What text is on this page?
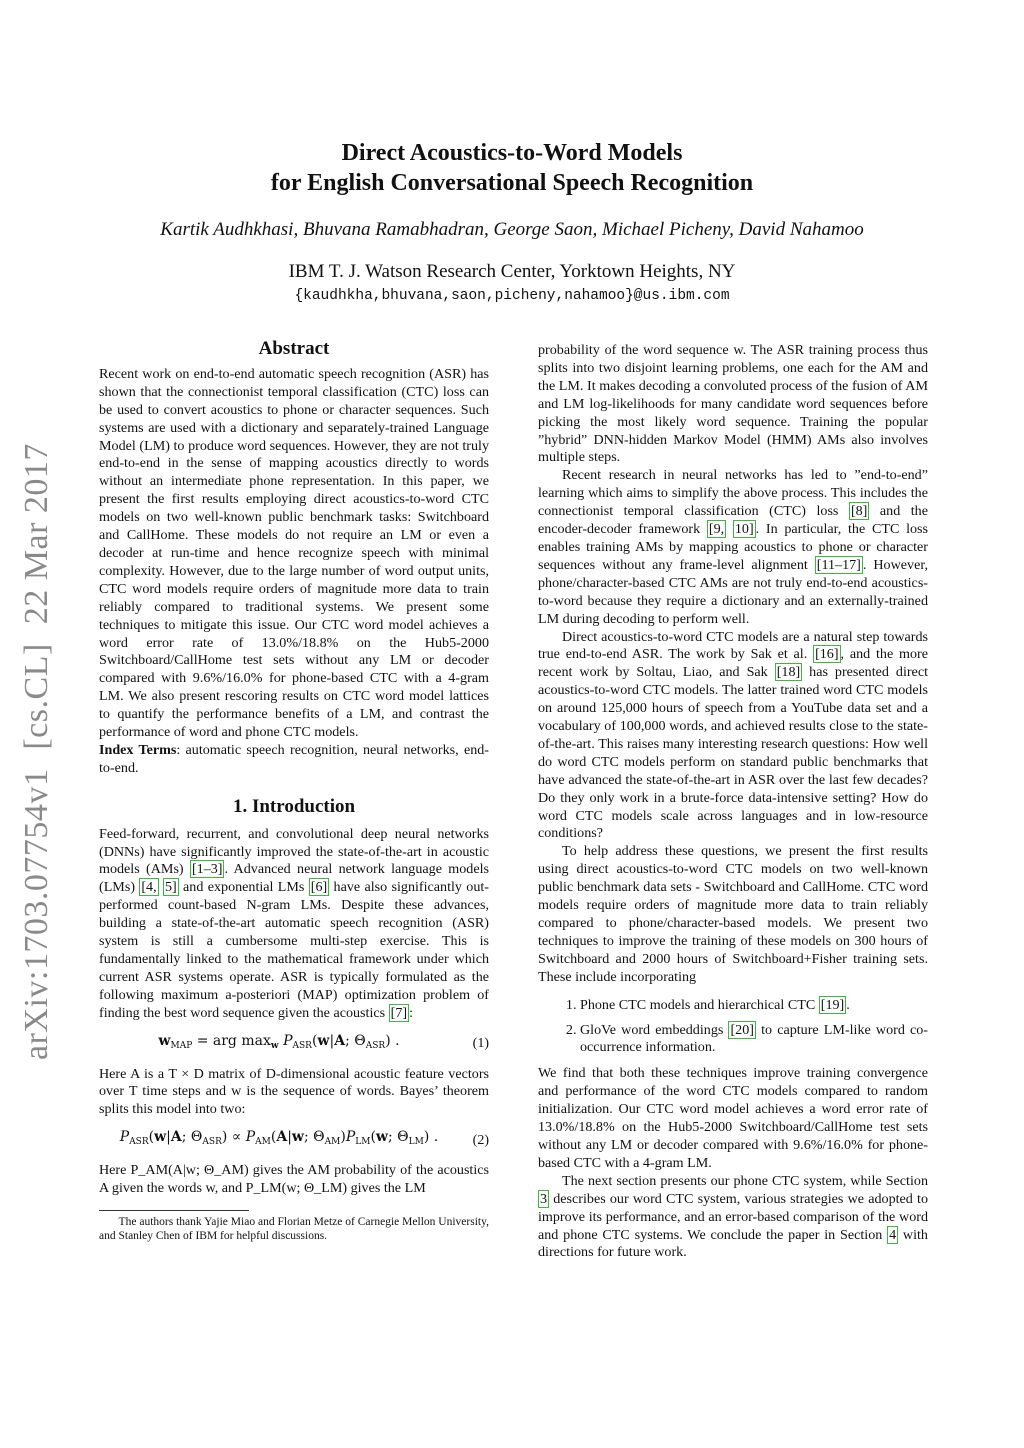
arXiv:1703.07754v1 [cs.CL] 22 Mar 2017
Direct Acoustics-to-Word Models
for English Conversational Speech Recognition
Kartik Audhkhasi, Bhuvana Ramabhadran, George Saon, Michael Picheny, David Nahamoo
IBM T. J. Watson Research Center, Yorktown Heights, NY
{kaudhkha,bhuvana,saon,picheny,nahamoo}@us.ibm.com
Abstract

Recent work on end-to-end automatic speech recognition (ASR) has shown that the connectionist temporal classification (CTC) loss can be used to convert acoustics to phone or character sequences. Such systems are used with a dictionary and separately-trained Language Model (LM) to produce word sequences. However, they are not truly end-to-end in the sense of mapping acoustics directly to words without an intermediate phone representation. In this paper, we present the first results employing direct acoustics-to-word CTC models on two well-known public benchmark tasks: Switchboard and CallHome. These models do not require an LM or even a decoder at run-time and hence recognize speech with minimal complexity. However, due to the large number of word output units, CTC word models require orders of magnitude more data to train reliably compared to traditional systems. We present some techniques to mitigate this issue. Our CTC word model achieves a word error rate of 13.0%/18.8% on the Hub5-2000 Switchboard/CallHome test sets without any LM or decoder compared with 9.6%/16.0% for phone-based CTC with a 4-gram LM. We also present rescoring results on CTC word model lattices to quantify the performance benefits of a LM, and contrast the performance of word and phone CTC models.

Index Terms: automatic speech recognition, neural networks, end-to-end.

1. Introduction

Feed-forward, recurrent, and convolutional deep neural networks (DNNs) have significantly improved the state-of-the-art in acoustic models (AMs) [1–3] . Advanced neural network language models (LMs) [4, 5] and exponential LMs [6] have also significantly out-performed count-based N-gram LMs. Despite these advances, building a state-of-the-art automatic speech recognition (ASR) system is still a cumbersome multi-step exercise. This is fundamentally linked to the mathematical framework under which current ASR systems operate. ASR is typically formulated as the following maximum a-posteriori (MAP) optimization problem of finding the best word sequence given the acoustics [7] :

$w_{MAP}$ = arg $\max_w P_{ASR}(w|A$; $\Theta_{ASR}$) .	(1)

Here A is a T × D matrix of D-dimensional acoustic feature vectors over T time steps and w is the sequence of words. Bayes’ theorem splits this model into two:

$P_{ASR}(w|A$; $\Theta_{ASR}) \propto P_{AM}(A|w$; $\Theta_{AM})P_{LM}(w$; $\Theta_{LM}$) .	(2)

Here P_AM(A|w; Θ_AM) gives the AM probability of the acoustics A given the words w, and P_LM(w; Θ_LM) gives the LM

The authors thank Yajie Miao and Florian Metze of Carnegie Mellon University, and Stanley Chen of IBM for helpful discussions.

probability of the word sequence w. The ASR training process thus splits into two disjoint learning problems, one each for the AM and the LM. It makes decoding a convoluted process of the fusion of AM and LM log-likelihoods for many candidate word sequences before picking the most likely word sequence. Training the popular ”hybrid” DNN-hidden Markov Model (HMM) AMs also involves multiple steps.

Recent research in neural networks has led to ”end-to-end” learning which aims to simplify the above process. This includes the connectionist temporal classification (CTC) loss [8] and the encoder-decoder framework [9, 10] . In particular, the CTC loss enables training AMs by mapping acoustics to phone or character sequences without any frame-level alignment [11–17] . However, phone/character-based CTC AMs are not truly end-to-end acoustics-to-word because they require a dictionary and an externally-trained LM during decoding to perform well.

Direct acoustics-to-word CTC models are a natural step towards true end-to-end ASR. The work by Sak et al. [16] , and the more recent work by Soltau, Liao, and Sak [18] has presented direct acoustics-to-word CTC models. The latter trained word CTC models on around 125,000 hours of speech from a YouTube data set and a vocabulary of 100,000 words, and achieved results close to the state-of-the-art. This raises many interesting research questions: How well do word CTC models perform on standard public benchmarks that have advanced the state-of-the-art in ASR over the last few decades? Do they only work in a brute-force data-intensive setting? How do word CTC models scale across languages and in low-resource conditions?

To help address these questions, we present the first results using direct acoustics-to-word CTC models on two well-known public benchmark data sets - Switchboard and CallHome. CTC word models require orders of magnitude more data to train reliably compared to phone/character-based models. We present two techniques to improve the training of these models on 300 hours of Switchboard and 2000 hours of Switchboard+Fisher training sets. These include incorporating

1. Phone CTC models and hierarchical CTC [19] .
2. GloVe word embeddings [20] to capture LM-like word co-occurrence information.

We find that both these techniques improve training convergence and performance of the word CTC models compared to random initialization. Our CTC word model achieves a word error rate of 13.0%/18.8% on the Hub5-2000 Switchboard/CallHome test sets without any LM or decoder compared with 9.6%/16.0% for phone-based CTC with a 4-gram LM.

The next section presents our phone CTC system, while Section 3 describes our word CTC system, various strategies we adopted to improve its performance, and an error-based comparison of the word and phone CTC systems. We conclude the paper in Section 4 with directions for future work.
